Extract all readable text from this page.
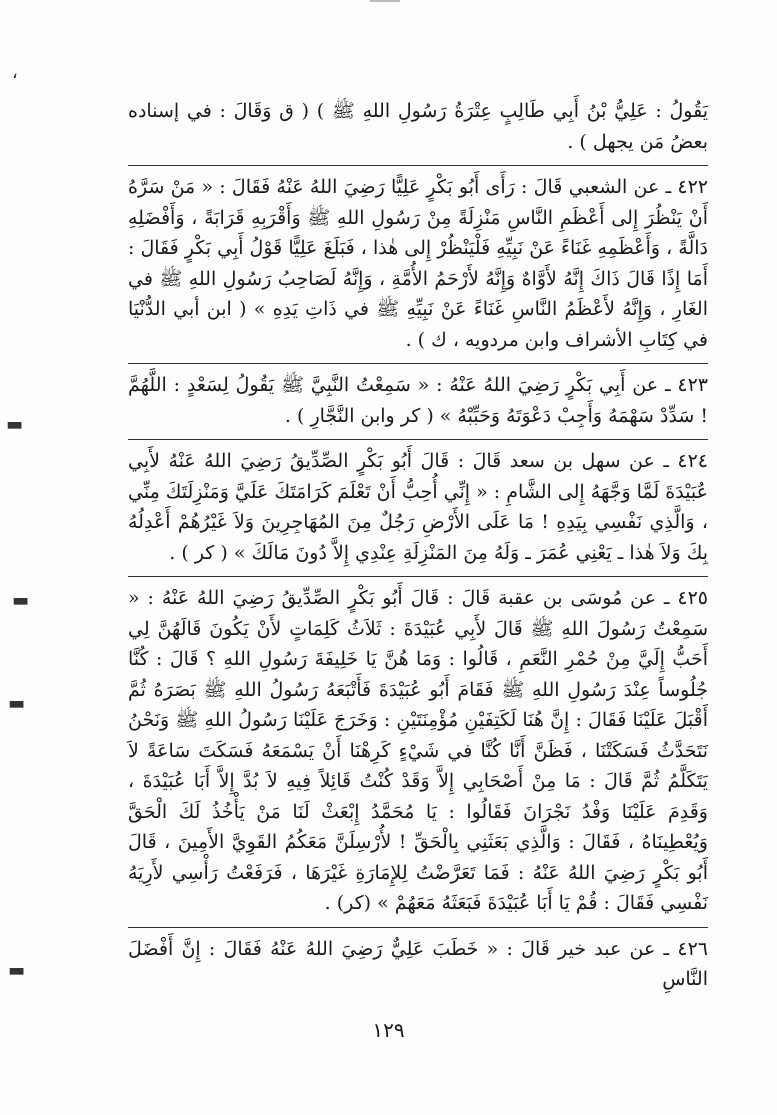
،
▬
▬
▬
▬

يَقُولُ : عَلِيُّ بْنُ أَبِي طَالِبٍ عِتْرَةُ رَسُولِ اللهِ ﷺ ) ( ق وَقَالَ : في إسناده بعضُ مَن يجهل ) .

٤٢٢ ـ عن الشعبي قَالَ : رَأَى أَبُو بَكْرٍ عَلِيًّا رَضِيَ اللهُ عَنْهُ فَقَالَ : « مَنْ سَرَّهُ أَنْ يَنْظُرَ إِلى أَعْظَمِ النَّاسِ مَنْزِلَةً مِنْ رَسُولِ اللهِ ﷺ وَأَقْرَبِهِ قَرَابَةً ، وَأَفْضَلِهِ دَالَّةً ، وَأَعْظَمِهِ غَنَاءً عَنْ نَبِيِّهِ فَلْيَنْظُرْ إِلى هٰذا ، فَبَلَغَ عَلِيًّا قَوْلُ أَبِي بَكْرٍ فَقَالَ : أَمَا إِذًا قَالَ ذَاكَ إِنَّهُ لأَوَّاهٌ وَإِنَّهُ لأَرْحَمُ الأُمَّةِ ، وَإِنَّهُ لَصَاحِبُ رَسُولِ اللهِ ﷺ في الغَارِ ، وَإِنَّهُ لأَعْظَمُ النَّاسِ غَنَاءً عَنْ نَبِيِّهِ ﷺ في ذَاتِ يَدِهِ » ( ابن أبي الدُّنْيَا في كِتَابِ الأشراف وابن مردويه ، ك ) .

٤٢٣ ـ عن أَبِي بَكْرٍ رَضِيَ اللهُ عَنْهُ : « سَمِعْتُ النَّبِيَّ ﷺ يَقُولُ لِسَعْدٍ : اللَّهُمَّ ! سَدِّدْ سَهْمَهُ وَأَجِبْ دَعْوَتَهُ وَحَبِّبْهُ » ( كر وابن النَّجَّارِ ) .

٤٢٤ ـ عن سهل بن سعد قَالَ : قَالَ أَبُو بَكْرٍ الصِّدِّيقُ رَضِيَ اللهُ عَنْهُ لأَبِي عُبَيْدَةَ لَمَّا وَجَّهَهُ إِلى الشَّامِ : « إِنِّي أُحِبُّ أَنْ تَعْلَمَ كَرَامَتَكَ عَلَيَّ وَمَنْزِلَتَكَ مِنِّي ، وَالَّذِي نَفْسِي بِيَدِهِ ! مَا عَلَى الأَرْضِ رَجُلٌ مِنَ المُهَاجِرِينَ وَلاَ غَيْرُهُمْ أَعْدِلُهُ بِكَ وَلاَ هٰذا ـ يَعْنِي عُمَرَ ـ وَلَهُ مِنَ المَنْزِلَةِ عِنْدِي إِلاَّ دُونَ مَالَكَ » ( كر ) .

٤٢٥ ـ عن مُوسَى بن عقبة قَالَ : قَالَ أَبُو بَكْرٍ الصِّدِّيقُ رَضِيَ اللهُ عَنْهُ : « سَمِعْتُ رَسُولَ اللهِ ﷺ قَالَ لأَبِي عُبَيْدَةَ : ثَلاَثُ كَلِمَاتٍ لأَنْ يَكُونَ قَالَهُنَّ لِي أَحَبُّ إِلَيَّ مِنْ حُمْرِ النَّعَمِ ، قَالُوا : وَمَا هُنَّ يَا خَلِيفَةَ رَسُولِ اللهِ ؟ قَالَ : كُنَّا جُلُوساً عِنْدَ رَسُولِ اللهِ ﷺ فَقَامَ أَبُو عُبَيْدَةَ فَأَتْبَعَهُ رَسُولُ اللهِ ﷺ بَصَرَهُ ثُمَّ أَقْبَلَ عَلَيْنَا فَقَالَ : إِنَّ هُنَا لَكَتِفَيْنِ مُؤْمِنَتَيْنِ : وَخَرَجَ عَلَيْنَا رَسُولُ اللهِ ﷺ وَنَحْنُ نَتَحَدَّثُ فَسَكَتْنَا ، فَظَنَّ أَنَّا كُنَّا في شَيْءٍ كَرِهْنَا أَنْ يَسْمَعَهُ فَسَكَتَ سَاعَةً لاَ يَتَكَلَّمُ ثُمَّ قَالَ : مَا مِنْ أَصْحَابِي إِلاَّ وَقَدْ كُنْتُ قَائِلاً فِيهِ لاَ بُدَّ إِلاَّ أَبَا عُبَيْدَةَ ، وَقَدِمَ عَلَيْنَا وَفْدُ نَجْرَانَ فَقَالُوا : يَا مُحَمَّدُ إِبْعَثْ لَنَا مَنْ يَأْخُذُ لَكَ الْحَقَّ وَيُعْطِينَاهُ ، فَقَالَ : وَالَّذِي بَعَثَنِي بِالْحَقِّ ! لأُرْسِلَنَّ مَعَكُمُ القَوِيَّ الأَمِينَ ، قَالَ أَبُو بَكْرٍ رَضِيَ اللهُ عَنْهُ : فَمَا تَعَرَّضْتُ لِلإِمَارَةِ غَيْرَهَا ، فَرَفَعْتُ رَأْسِي لأَرِيَهُ نَفْسِي فَقَالَ : قُمْ يَا أَبَا عُبَيْدَةَ فَبَعَثَهُ مَعَهُمْ » (كر) .

٤٢٦ ـ عن عبد خير قَالَ : « خَطَبَ عَلِيٌّ رَضِيَ اللهُ عَنْهُ فَقَالَ : إِنَّ أَفْضَلَ النَّاسِ

١٢٩
